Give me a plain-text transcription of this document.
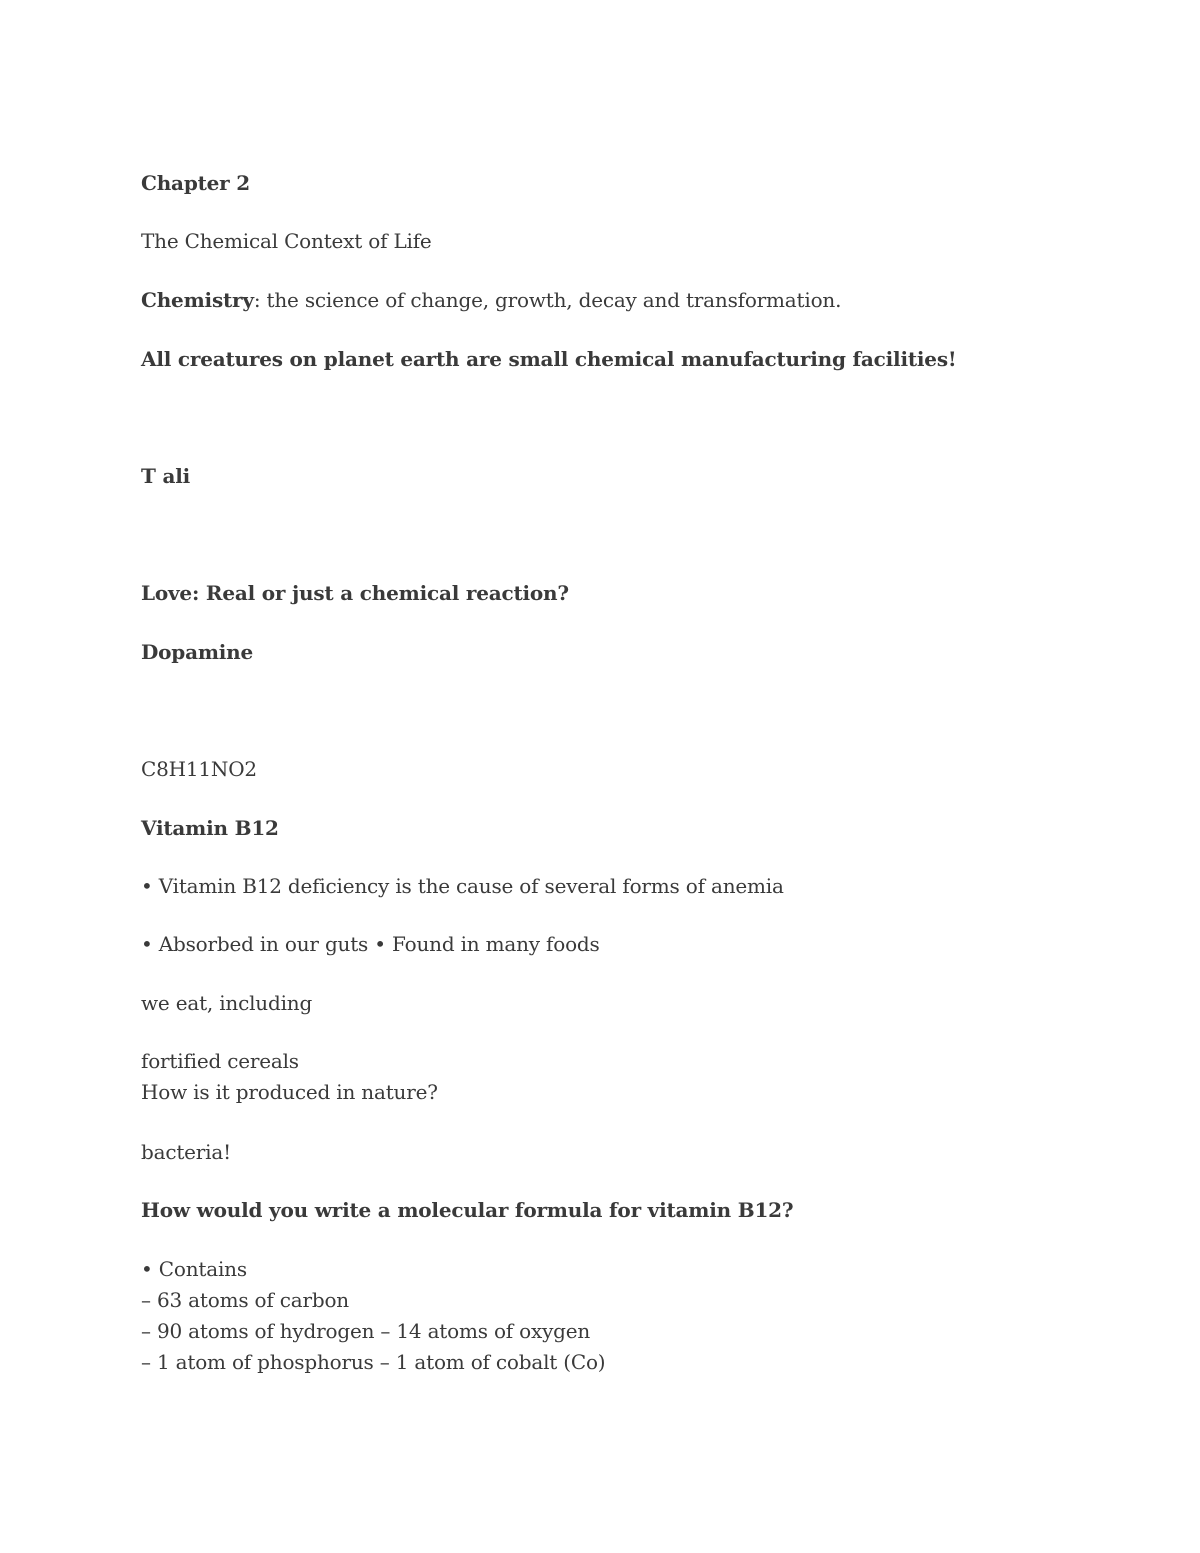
Chapter 2
The Chemical Context of Life
Chemistry: the science of change, growth, decay and transformation.
All creatures on planet earth are small chemical manufacturing facilities!
T ali
Love: Real or just a chemical reaction?
Dopamine
C8H11NO2
Vitamin B12
• Vitamin B12 deficiency is the cause of several forms of anemia
• Absorbed in our guts • Found in many foods
we eat, including
fortified cereals
How is it produced in nature?
bacteria!
How would you write a molecular formula for vitamin B12?
• Contains
– 63 atoms of carbon
– 90 atoms of hydrogen – 14 atoms of oxygen
– 1 atom of phosphorus – 1 atom of cobalt (Co)
